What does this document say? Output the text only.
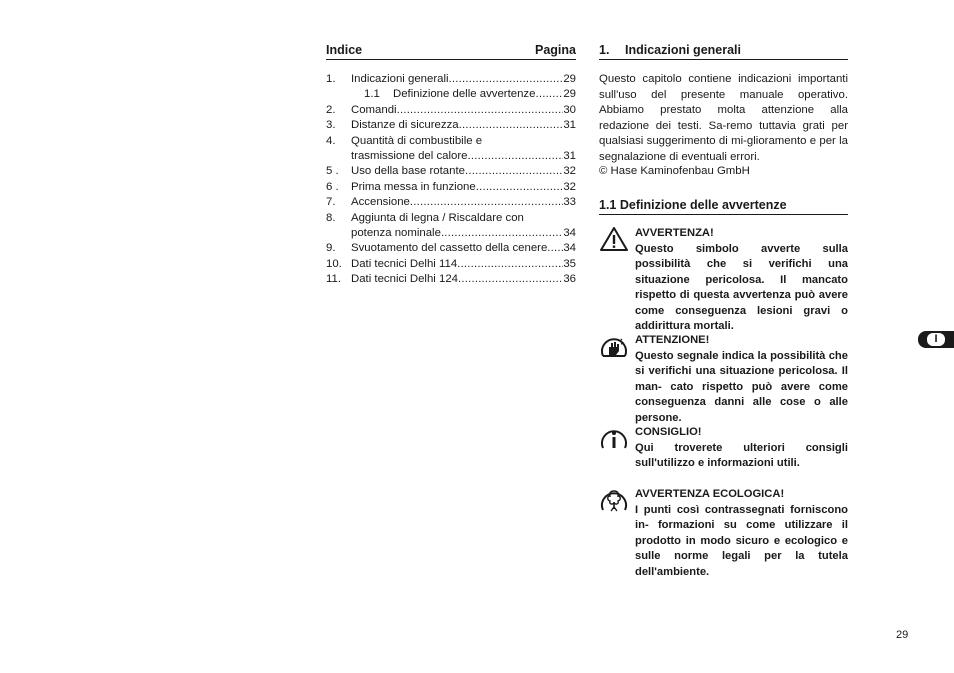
Indice	Pagina
1.	Indicazioni generali .....	29
1.1	Definizione delle avvertenze ..... 29
2.	Comandi .....	30
3.	Distanze di sicurezza .....	31
4.	Quantità di combustibile e
trasmissione del calore .....	31
5 .	Uso della base rotante .....	32
6 .	Prima messa in funzione .....	32
7.	Accensione .....	33
8.	Aggiunta di legna / Riscaldare con
potenza nominale .....	34
9.	Svuotamento del cassetto della cenere ..... 34
10. Dati tecnici Delhi 114 .....	35
11. Dati tecnici Delhi 124 .....	36
1.	Indicazioni generali

Questo capitolo contiene indicazioni importanti sull'uso del presente manuale operativo. Abbiamo prestato molta attenzione alla redazione dei testi. Sa-remo tuttavia grati per qualsiasi suggerimento di mi-glioramento e per la segnalazione di eventuali errori.

© Hase Kaminofenbau GmbH

1.1 Definizione delle avvertenze
AVVERTENZA!
Questo simbolo avverte sulla possibilità che si verifichi una situazione pericolosa. Il mancato rispetto di questa avvertenza può avere come conseguenza lesioni gravi o addirittura mortali.
ATTENZIONE!
Questo segnale indica la possibilità che si verifichi una situazione pericolosa. Il man- cato rispetto può avere come conseguenza danni alle cose o alle persone.
CONSIGLIO!
Qui troverete ulteriori consigli sull'utilizzo e informazioni utili.
AVVERTENZA ECOLOGICA!
I punti così contrassegnati forniscono in- formazioni su come utilizzare il prodotto in modo sicuro e ecologico e sulle norme legali per la tutela dell'ambiente.
I
29
